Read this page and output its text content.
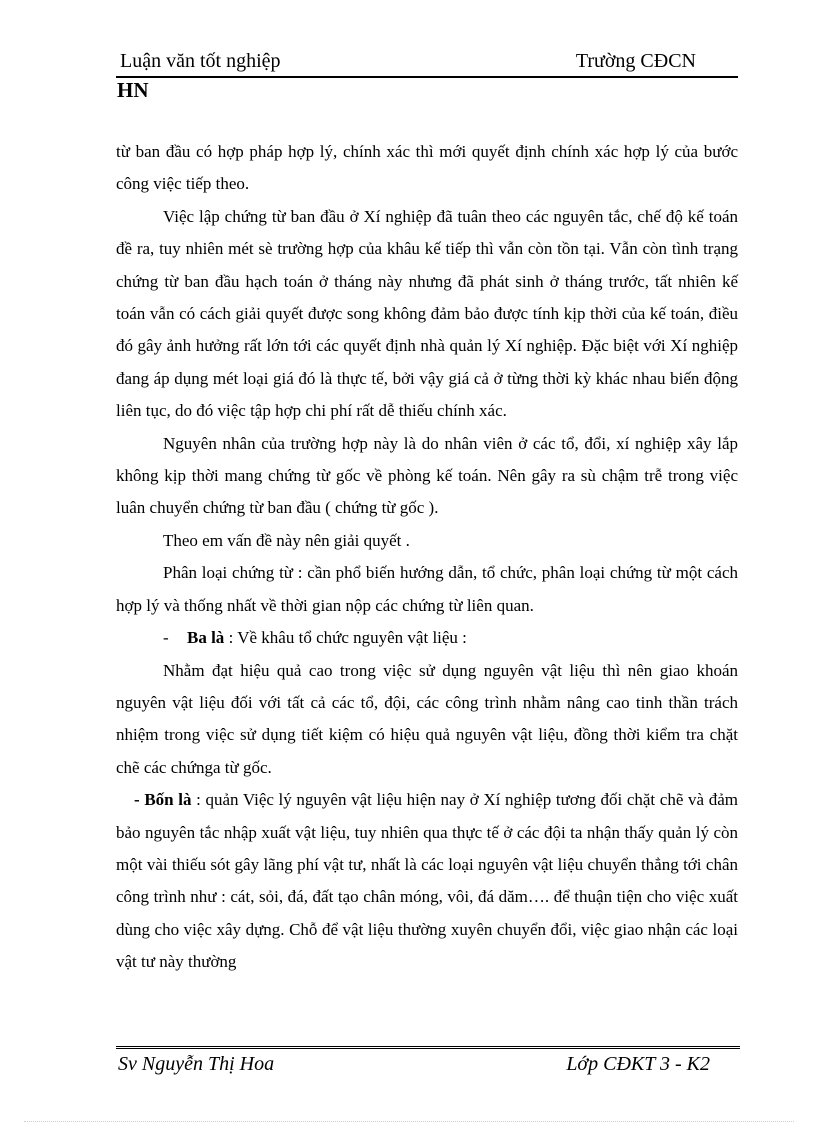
Luận văn tốt nghiệp	Trường CĐCN
HN

từ ban đầu có hợp pháp hợp lý, chính xác thì mới quyết định chính xác hợp lý của bước công việc tiếp theo.

Việc lập chứng từ ban đầu ở Xí nghiệp đã tuân theo các nguyên tắc, chế độ kế toán đề ra, tuy nhiên mét sè trường hợp của khâu kế tiếp thì vẫn còn tồn tại. Vẫn còn tình trạng chứng từ ban đầu hạch toán ở tháng này nhưng đã phát sinh ở tháng trước, tất nhiên kế toán vẫn có cách giải quyết được song không đảm bảo được tính kịp thời của kế toán, điều đó gây ảnh hưởng rất lớn tới các quyết định nhà quản lý Xí nghiệp. Đặc biệt với Xí nghiệp đang áp dụng mét loại giá đó là thực tế, bởi vậy giá cả ở từng thời kỳ khác nhau biến động liên tục, do đó việc tập hợp chi phí rất dễ thiếu chính xác.

Nguyên nhân của trường hợp này là do nhân viên ở các tổ, đổi, xí nghiệp xây lắp không kịp thời mang chứng từ gốc về phòng kế toán. Nên gây ra sù chậm trễ trong việc luân chuyển chứng từ ban đầu ( chứng từ gốc ).

Theo em vấn đề này nên giải quyết .

Phân loại chứng từ : cần phổ biến hướng dẫn, tổ chức, phân loại chứng từ một cách hợp lý và thống nhất về thời gian nộp các chứng từ liên quan.

- Ba là : Về khâu tổ chức nguyên vật liệu :

Nhằm đạt hiệu quả cao trong việc sử dụng nguyên vật liệu thì nên giao khoán nguyên vật liệu đối với tất cả các tổ, đội, các công trình nhằm nâng cao tinh thần trách nhiệm trong việc sử dụng tiết kiệm có hiệu quả nguyên vật liệu, đồng thời kiểm tra chặt chẽ các chứnga từ gốc.

- Bốn là : quản Việc lý nguyên vật liệu hiện nay ở Xí nghiệp tương đối chặt chẽ và đảm bảo nguyên tắc nhập xuất vật liệu, tuy nhiên qua thực tế ở các đội ta nhận thấy quản lý còn một vài thiếu sót gây lãng phí vật tư, nhất là các loại nguyên vật liệu chuyển thẳng tới chân công trình như : cát, sỏi, đá, đất tạo chân móng, vôi, đá dăm…. để thuận tiện cho việc xuất dùng cho việc xây dựng. Chỗ để vật liệu thường xuyên chuyển đổi, việc giao nhận các loại vật tư này thường

Sv Nguyễn Thị Hoa	Lớp CĐKT 3 - K2
